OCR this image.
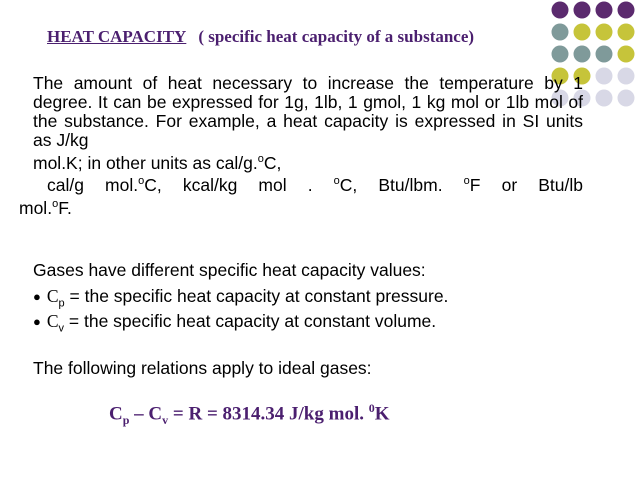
HEAT CAPACITY ( specific heat capacity of a substance)
The amount of heat necessary to increase the temperature by 1 degree. It can be expressed for 1g, 1lb, 1 gmol, 1 kg mol or 1lb mol of the substance. For example, a heat capacity is expressed in SI units as J/kg
mol.K; in other units as cal/g.$^o$C,
cal/g mol.$^o$C, kcal/kg mol . $^o$C, Btu/lbm. $^o$F or Btu/lb
mol.$^o$F.
Gases have different specific heat capacity values:
● $C_p$ = the specific heat capacity at constant pressure.
● $C_v$ = the specific heat capacity at constant volume.
The following relations apply to ideal gases:
$C_p - C_v = R = 8314.34$ J/kg mol. $^0$K
